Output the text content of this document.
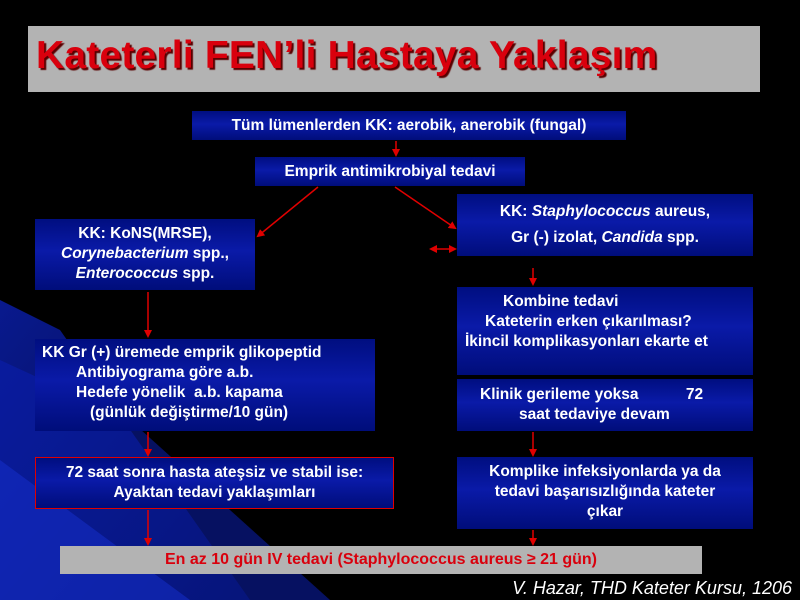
Kateterli FEN’li Hastaya Yaklaşım
Tüm lümenlerden KK: aerobik, anerobik (fungal)
Emprik antimikrobiyal tedavi
KK: KoNS(MRSE),
Corynebacterium spp.,
Enterococcus spp.
KK: Staphylococcus aureus,
Gr (-) izolat, Candida spp.
Kombine tedavi
Kateterin erken çıkarılması?
İkincil komplikasyonları ekarte et
KK Gr (+) üremede emprik glikopeptid
Antibiyograma göre a.b.
Hedefe yönelik  a.b. kapama
(günlük değiştirme/10 gün)
Klinik gerileme yoksa           72
saat tedaviye devam
72 saat sonra hasta ateşsiz ve stabil ise:
Ayaktan tedavi yaklaşımları
Komplike infeksiyonlarda ya da
tedavi başarısızlığında kateter
çıkar
En az 10 gün IV tedavi (Staphylococcus aureus ≥ 21 gün)
V. Hazar, THD Kateter Kursu, 1206
